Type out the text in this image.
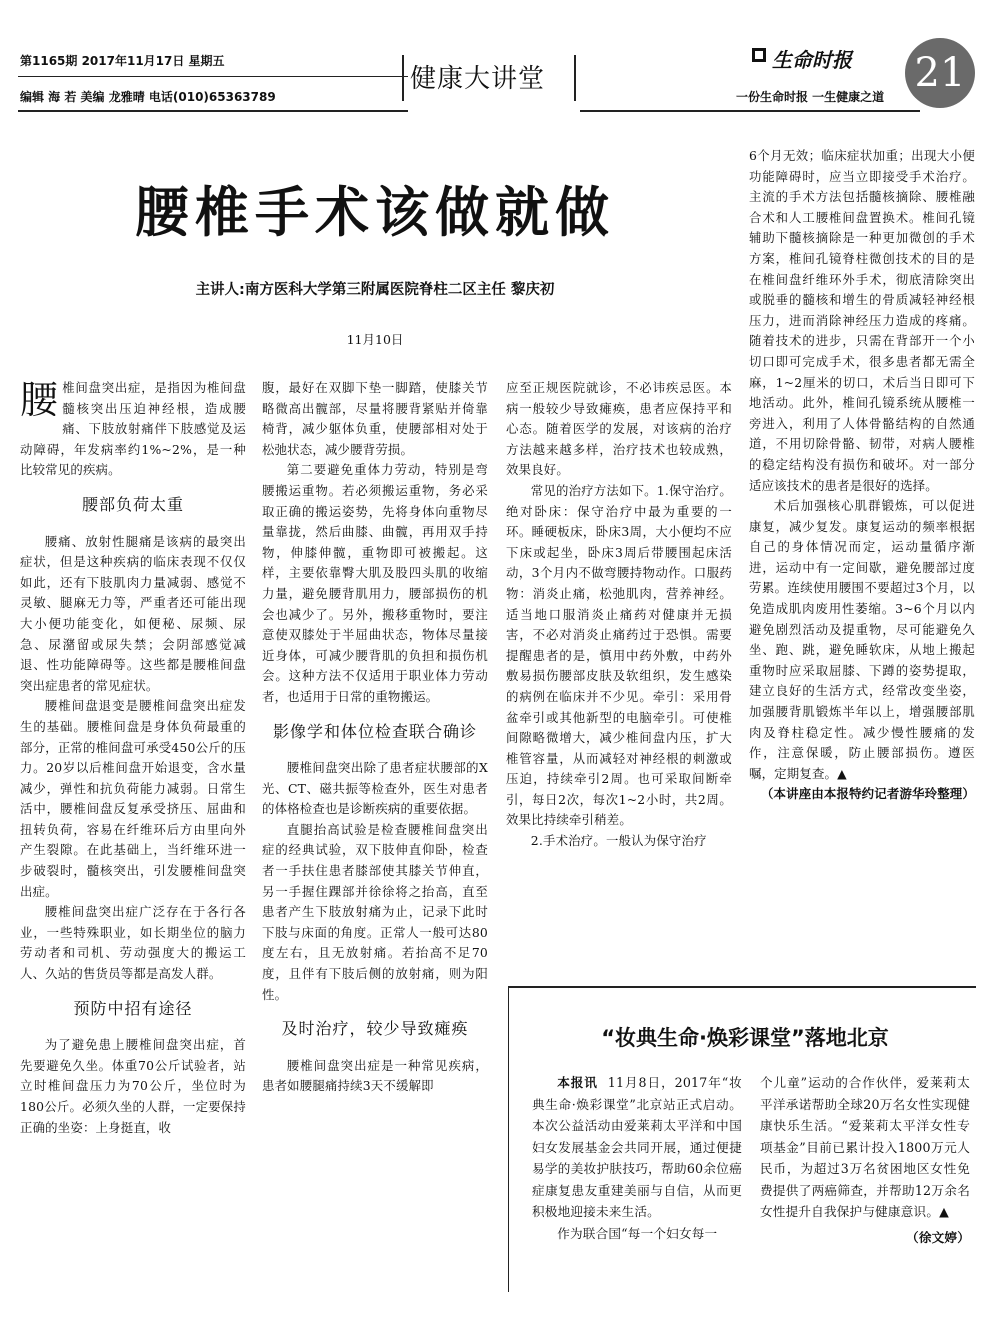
第1165期 2017年11月17日 星期五
编辑 海 若 美编 龙雅晴 电话(010)65363789
健康大讲堂
生命时报
一份生命时报 一生健康之道
21
腰椎手术该做就做
主讲人:南方医科大学第三附属医院脊柱二区主任 黎庆初
11月10日

腰椎间盘突出症，是指因为椎间盘髓核突出压迫神经根，造成腰痛、下肢放射痛伴下肢感觉及运动障碍，年发病率约1%~2%，是一种比较常见的疾病。

腰部负荷太重

腰痛、放射性腿痛是该病的最突出症状，但是这种疾病的临床表现不仅仅如此，还有下肢肌肉力量减弱、感觉不灵敏、腿麻无力等，严重者还可能出现大小便功能变化，如便秘、尿频、尿急、尿潴留或尿失禁；会阴部感觉减退、性功能障碍等。这些都是腰椎间盘突出症患者的常见症状。

腰椎间盘退变是腰椎间盘突出症发生的基础。腰椎间盘是身体负荷最重的部分，正常的椎间盘可承受450公斤的压力。20岁以后椎间盘开始退变，含水量减少，弹性和抗负荷能力减弱。日常生活中，腰椎间盘反复承受挤压、屈曲和扭转负荷，容易在纤维环后方由里向外产生裂隙。在此基础上，当纤维环进一步破裂时，髓核突出，引发腰椎间盘突出症。

腰椎间盘突出症广泛存在于各行各业，一些特殊职业，如长期坐位的脑力劳动者和司机、劳动强度大的搬运工人、久站的售货员等都是高发人群。

预防中招有途径

为了避免患上腰椎间盘突出症，首先要避免久坐。体重70公斤试验者，站立时椎间盘压力为70公斤，坐位时为180公斤。必须久坐的人群，一定要保持正确的坐姿：上身挺直，收

腹，最好在双脚下垫一脚踏，使膝关节略微高出髋部，尽量将腰背紧贴并倚靠椅背，减少躯体负重，使腰部相对处于松弛状态，减少腰背劳损。

第二要避免重体力劳动，特别是弯腰搬运重物。若必须搬运重物，务必采取正确的搬运姿势，先将身体向重物尽量靠拢，然后曲膝、曲髋，再用双手持物，伸膝伸髋，重物即可被搬起。这样，主要依靠臀大肌及股四头肌的收缩力量，避免腰背肌用力，腰部损伤的机会也减少了。另外，搬移重物时，要注意使双膝处于半屈曲状态，物体尽量接近身体，可减少腰背肌的负担和损伤机会。这种方法不仅适用于职业体力劳动者，也适用于日常的重物搬运。

影像学和体位检查联合确诊

腰椎间盘突出除了患者症状腰部的X光、CT、磁共振等检查外，医生对患者的体格检查也是诊断疾病的重要依据。

直腿抬高试验是检查腰椎间盘突出症的经典试验，双下肢伸直仰卧，检查者一手扶住患者膝部使其膝关节伸直，另一手握住踝部并徐徐将之抬高，直至患者产生下肢放射痛为止，记录下此时下肢与床面的角度。正常人一般可达80度左右，且无放射痛。若抬高不足70度，且伴有下肢后侧的放射痛，则为阳性。

及时治疗，较少导致瘫痪

腰椎间盘突出症是一种常见疾病，患者如腰腿痛持续3天不缓解即

应至正规医院就诊，不必讳疾忌医。本病一般较少导致瘫痪，患者应保持平和心态。随着医学的发展，对该病的治疗方法越来越多样，治疗技术也较成熟，效果良好。

常见的治疗方法如下。1.保守治疗。绝对卧床：保守治疗中最为重要的一环。睡硬板床，卧床3周，大小便均不应下床或起坐，卧床3周后带腰围起床活动，3个月内不做弯腰持物动作。口服药物：消炎止痛，松弛肌肉，营养神经。适当地口服消炎止痛药对健康并无损害，不必对消炎止痛药过于恐惧。需要提醒患者的是，慎用中药外敷，中药外敷易损伤腰部皮肤及软组织，发生感染的病例在临床并不少见。牵引：采用骨盆牵引或其他新型的电脑牵引。可使椎间隙略微增大，减少椎间盘内压，扩大椎管容量，从而减轻对神经根的刺激或压迫，持续牵引2周。也可采取间断牵引，每日2次，每次1~2小时，共2周。效果比持续牵引稍差。

2.手术治疗。一般认为保守治疗

6个月无效；临床症状加重；出现大小便功能障碍时，应当立即接受手术治疗。主流的手术方法包括髓核摘除、腰椎融合术和人工腰椎间盘置换术。椎间孔镜辅助下髓核摘除是一种更加微创的手术方案，椎间孔镜脊柱微创技术的目的是在椎间盘纤维环外手术，彻底清除突出或脱垂的髓核和增生的骨质减轻神经根压力，进而消除神经压力造成的疼痛。随着技术的进步，只需在背部开一个小切口即可完成手术，很多患者都无需全麻，1~2厘米的切口，术后当日即可下地活动。此外，椎间孔镜系统从腰椎一旁进入，利用了人体骨骼结构的自然通道，不用切除骨骼、韧带，对病人腰椎的稳定结构没有损伤和破坏。对一部分适应该技术的患者是很好的选择。

术后加强核心肌群锻炼，可以促进康复，减少复发。康复运动的频率根据自己的身体情况而定，运动量循序渐进，运动中有一定间歇，避免腰部过度劳累。连续使用腰围不要超过3个月，以免造成肌肉废用性萎缩。3~6个月以内避免剧烈活动及提重物，尽可能避免久坐、跑、跳，避免睡软床，从地上搬起重物时应采取屈膝、下蹲的姿势提取，建立良好的生活方式，经常改变坐姿，加强腰背肌锻炼半年以上，增强腰部肌肉及脊柱稳定性。减少慢性腰痛的发作，注意保暖，防止腰部损伤。遵医嘱，定期复查。▲

（本讲座由本报特约记者游华玲整理）

“妆典生命·焕彩课堂”落地北京

本报讯 11月8日，2017年“妆典生命·焕彩课堂”北京站正式启动。本次公益活动由爱莱莉太平洋和中国妇女发展基金会共同开展，通过便捷易学的美妆护肤技巧，帮助60余位癌症康复患友重建美丽与自信，从而更积极地迎接未来生活。

作为联合国“每一个妇女每一

个儿童”运动的合作伙伴，爱莱莉太平洋承诺帮助全球20万名女性实现健康快乐生活。“爱莱莉太平洋女性专项基金”目前已累计投入1800万元人民币，为超过3万名贫困地区女性免费提供了两癌筛查，并帮助12万余名女性提升自我保护与健康意识。▲

（徐文婷）
